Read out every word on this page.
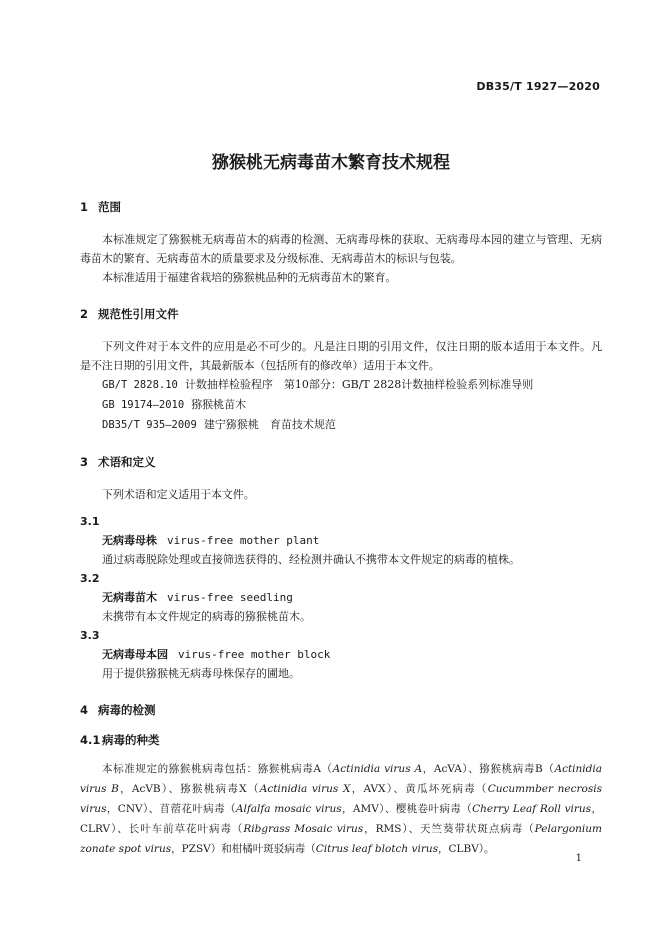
DB35/T 1927—2020
猕猴桃无病毒苗木繁育技术规程
1 范围
本标准规定了猕猴桃无病毒苗木的病毒的检测、无病毒母株的获取、无病毒母本园的建立与管理、无病毒苗木的繁育、无病毒苗木的质量要求及分级标准、无病毒苗木的标识与包装。
本标准适用于福建省栽培的猕猴桃品种的无病毒苗木的繁育。
2 规范性引用文件
下列文件对于本文件的应用是必不可少的。凡是注日期的引用文件，仅注日期的版本适用于本文件。凡是不注日期的引用文件，其最新版本（包括所有的修改单）适用于本文件。
GB/T 2828.10 计数抽样检验程序　第10部分：GB/T 2828计数抽样检验系列标准导则
GB 19174—2010 猕猴桃苗木
DB35/T 935—2009 建宁猕猴桃　育苗技术规范
3 术语和定义
下列术语和定义适用于本文件。
3.1
无病毒母株 virus-free mother plant
通过病毒脱除处理或直接筛选获得的、经检测并确认不携带本文件规定的病毒的植株。
3.2
无病毒苗木 virus-free seedling
未携带有本文件规定的病毒的猕猴桃苗木。
3.3
无病毒母本园 virus-free mother block
用于提供猕猴桃无病毒母株保存的圃地。
4 病毒的检测
4.1 病毒的种类
本标准规定的猕猴桃病毒包括：猕猴桃病毒A（Actinidia virus A，AcVA）、猕猴桃病毒B（Actinidia virus B，AcVB）、猕猴桃病毒X（Actinidia virus X，AVX）、黄瓜坏死病毒（Cucummber necrosis virus，CNV）、苜蓿花叶病毒（Alfalfa mosaic virus，AMV）、樱桃卷叶病毒（Cherry Leaf Roll virus，CLRV）、长叶车前草花叶病毒（Ribgrass Mosaic virus，RMS）、天竺葵带状斑点病毒（Pelargonium zonate spot virus，PZSV）和柑橘叶斑驳病毒（Citrus leaf blotch virus，CLBV）。
1
